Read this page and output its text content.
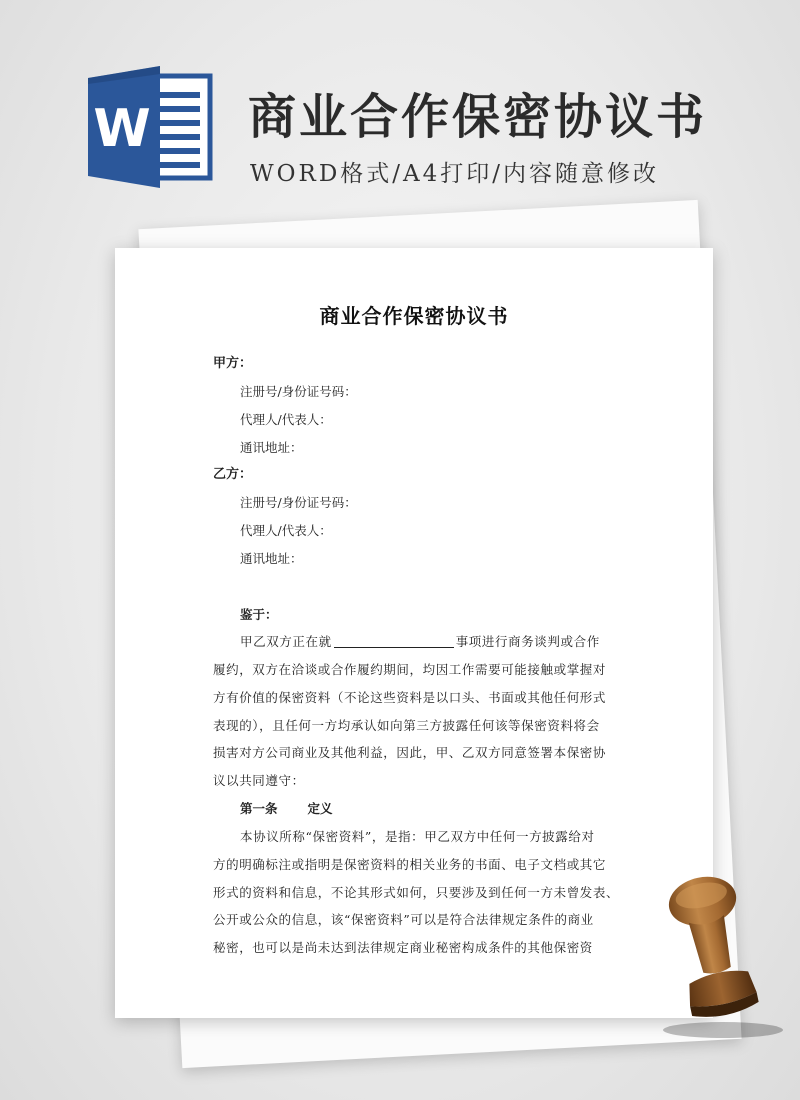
W 商业合作保密协议书

WORD格式/A4打印/内容随意修改

商业合作保密协议书

甲方：

注册号/身份证号码：

代理人/代表人：

通讯地址：

乙方：

注册号/身份证号码：

代理人/代表人：

通讯地址：

鉴于：

甲乙双方正在就	事项进行商务谈判或合作

履约，双方在洽谈或合作履约期间，均因工作需要可能接触或掌握对

方有价值的保密资料（不论这些资料是以口头、书面或其他任何形式

表现的），且任何一方均承认如向第三方披露任何该等保密资料将会

损害对方公司商业及其他利益，因此，甲、乙双方同意签署本保密协

议以共同遵守：

第一条 定义

本协议所称“保密资料”，是指：甲乙双方中任何一方披露给对

方的明确标注或指明是保密资料的相关业务的书面、电子文档或其它

形式的资料和信息，不论其形式如何，只要涉及到任何一方未曾发表、

公开或公众的信息，该“保密资料”可以是符合法律规定条件的商业

秘密，也可以是尚未达到法律规定商业秘密构成条件的其他保密资
